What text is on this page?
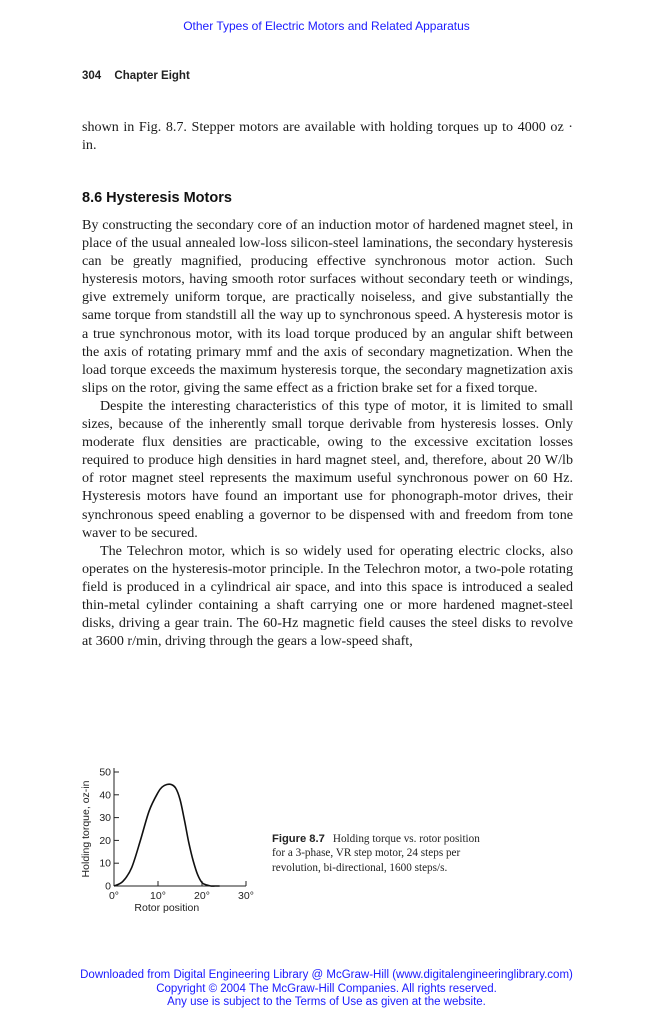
Other Types of Electric Motors and Related Apparatus
304 Chapter Eight

shown in Fig. 8.7. Stepper motors are available with holding torques up to 4000 oz · in.

8.6 Hysteresis Motors

By constructing the secondary core of an induction motor of hardened magnet steel, in place of the usual annealed low-loss silicon-steel laminations, the secondary hysteresis can be greatly magnified, producing effective synchronous motor action. Such hysteresis motors, having smooth rotor surfaces without secondary teeth or windings, give extremely uniform torque, are practically noiseless, and give substantially the same torque from standstill all the way up to synchronous speed. A hysteresis motor is a true synchronous motor, with its load torque produced by an angular shift between the axis of rotating primary mmf and the axis of secondary magnetization. When the load torque exceeds the maximum hysteresis torque, the secondary magnetization axis slips on the rotor, giving the same effect as a friction brake set for a fixed torque.

Despite the interesting characteristics of this type of motor, it is limited to small sizes, because of the inherently small torque derivable from hysteresis losses. Only moderate flux densities are practicable, owing to the excessive excitation losses required to produce high densities in hard magnet steel, and, therefore, about 20 W/lb of rotor magnet steel represents the maximum useful synchronous power on 60 Hz. Hysteresis motors have found an important use for phonograph-motor drives, their synchronous speed enabling a governor to be dispensed with and freedom from tone waver to be secured.

The Telechron motor, which is so widely used for operating electric clocks, also operates on the hysteresis-motor principle. In the Telechron motor, a two-pole rotating field is produced in a cylindrical air space, and into this space is introduced a sealed thin-metal cylinder containing a shaft carrying one or more hardened magnet-steel disks, driving a gear train. The 60-Hz magnetic field causes the steel disks to revolve at 3600 r/min, driving through the gears a low-speed shaft,

0
10
20
30
40
50
0°	10°	20°	30°
Holding torque, oz-in
Rotor position
Figure 8.7 Holding torque vs. rotor position for a 3-phase, VR step motor, 24 steps per revolution, bi-directional, 1600 steps/s.
Downloaded from Digital Engineering Library @ McGraw-Hill (www.digitalengineeringlibrary.com)
Copyright © 2004 The McGraw-Hill Companies. All rights reserved.
Any use is subject to the Terms of Use as given at the website.
